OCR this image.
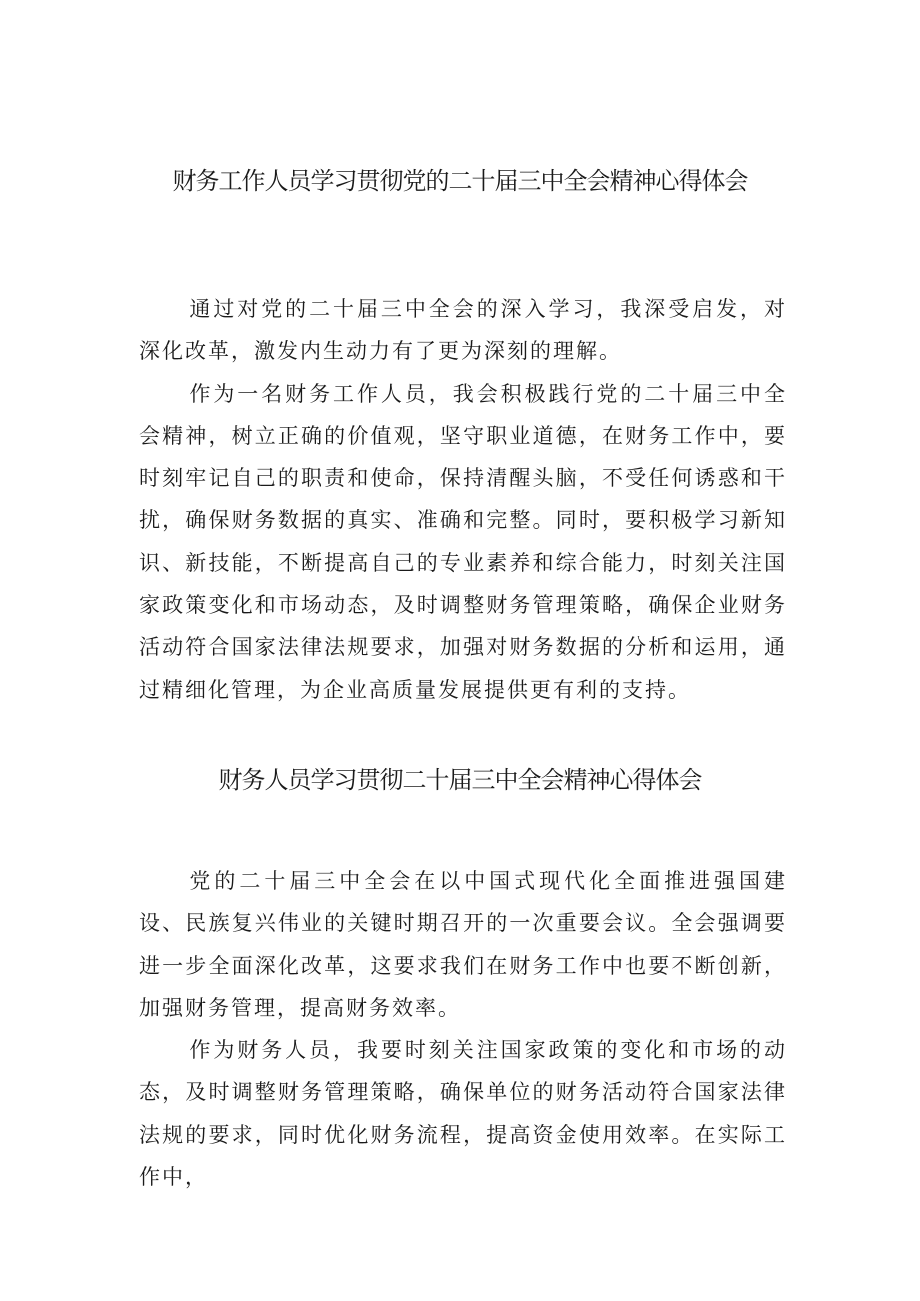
财务工作人员学习贯彻党的二十届三中全会精神心得体会

通过对党的二十届三中全会的深入学习，我深受启发，对深化改革，激发内生动力有了更为深刻的理解。

作为一名财务工作人员，我会积极践行党的二十届三中全会精神，树立正确的价值观，坚守职业道德，在财务工作中，要时刻牢记自己的职责和使命，保持清醒头脑，不受任何诱惑和干扰，确保财务数据的真实、准确和完整。同时，要积极学习新知识、新技能，不断提高自己的专业素养和综合能力，时刻关注国家政策变化和市场动态，及时调整财务管理策略，确保企业财务活动符合国家法律法规要求，加强对财务数据的分析和运用，通过精细化管理，为企业高质量发展提供更有利的支持。

财务人员学习贯彻二十届三中全会精神心得体会

党的二十届三中全会在以中国式现代化全面推进强国建设、民族复兴伟业的关键时期召开的一次重要会议。全会强调要进一步全面深化改革，这要求我们在财务工作中也要不断创新，加强财务管理，提高财务效率。

作为财务人员，我要时刻关注国家政策的变化和市场的动态，及时调整财务管理策略，确保单位的财务活动符合国家法律法规的要求，同时优化财务流程，提高资金使用效率。在实际工作中，
